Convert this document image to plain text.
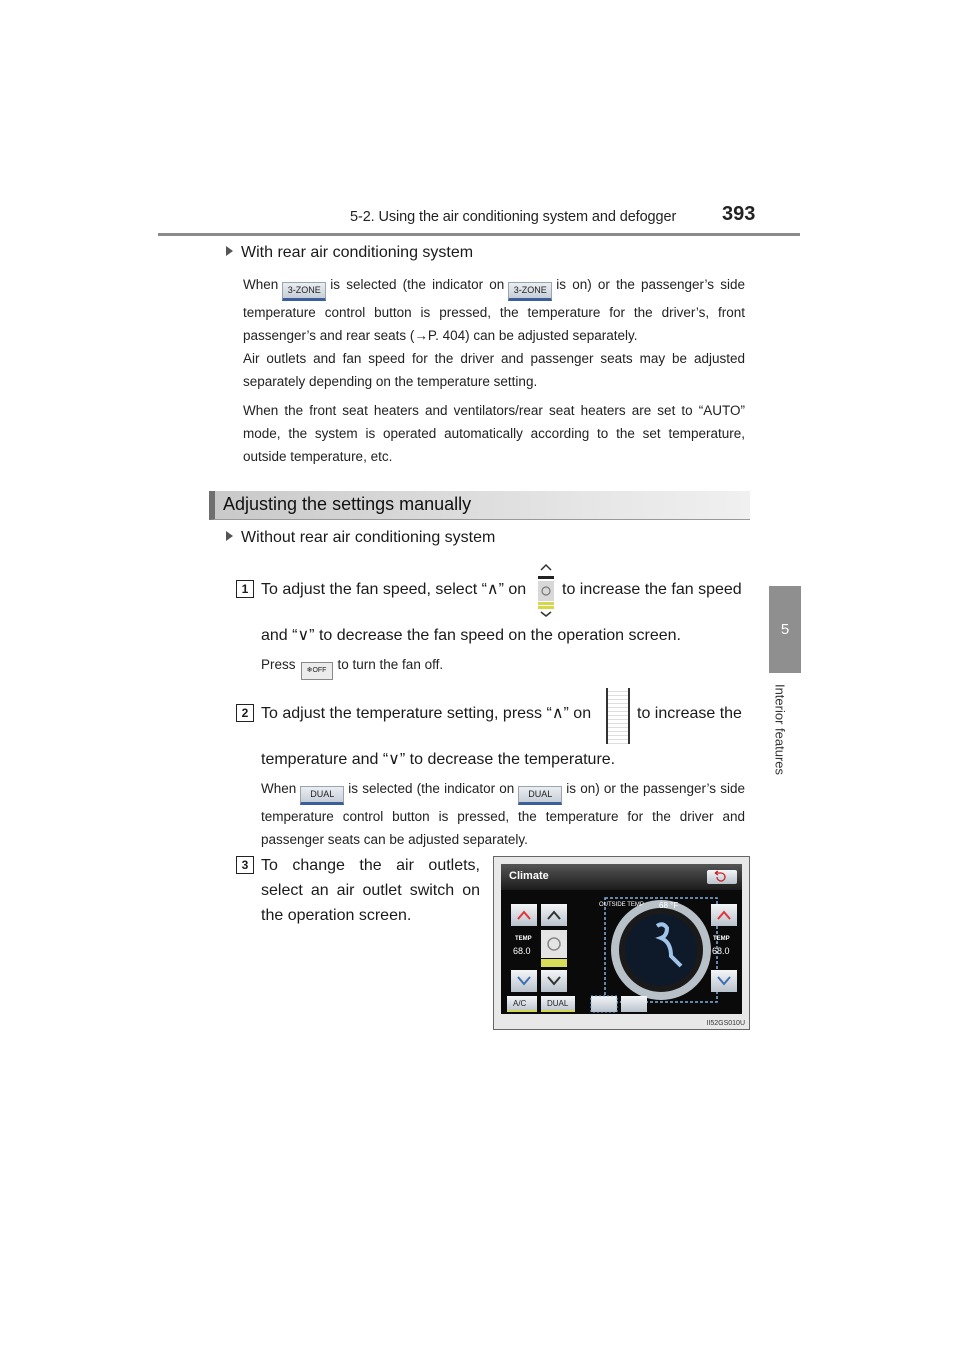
5-2. Using the air conditioning system and defogger 393
5
Interior features
With rear air conditioning system
When 3-ZONE is selected (the indicator on 3-ZONE is on) or the passenger’s side temperature control button is pressed, the temperature for the driver’s, front passenger’s and rear seats (→P. 404) can be adjusted separately.
Air outlets and fan speed for the driver and passenger seats may be adjusted separately depending on the temperature setting.
When the front seat heaters and ventilators/rear seat heaters are set to “AUTO” mode, the system is operated automatically according to the set temperature, outside temperature, etc.
Adjusting the settings manually
Without rear air conditioning system
1 To adjust the fan speed, select “∧” on to increase the fan speed
and “∨” to decrease the fan speed on the operation screen.
Press ❄OFF to turn the fan off.
2 To adjust the temperature setting, press “∧” on	to increase the
temperature and “∨” to decrease the temperature.
When DUAL is selected (the indicator on DUAL is on) or the passenger’s side temperature control button is pressed, the temperature for the driver and passenger seats can be adjusted separately.
3 To change the air outlets, select an air outlet switch on the operation screen.
Climate
OUTSIDE TEMP 68 °F
TEMP
68.0
TEMP
68.0
A/C	DUAL
II52GS010U
